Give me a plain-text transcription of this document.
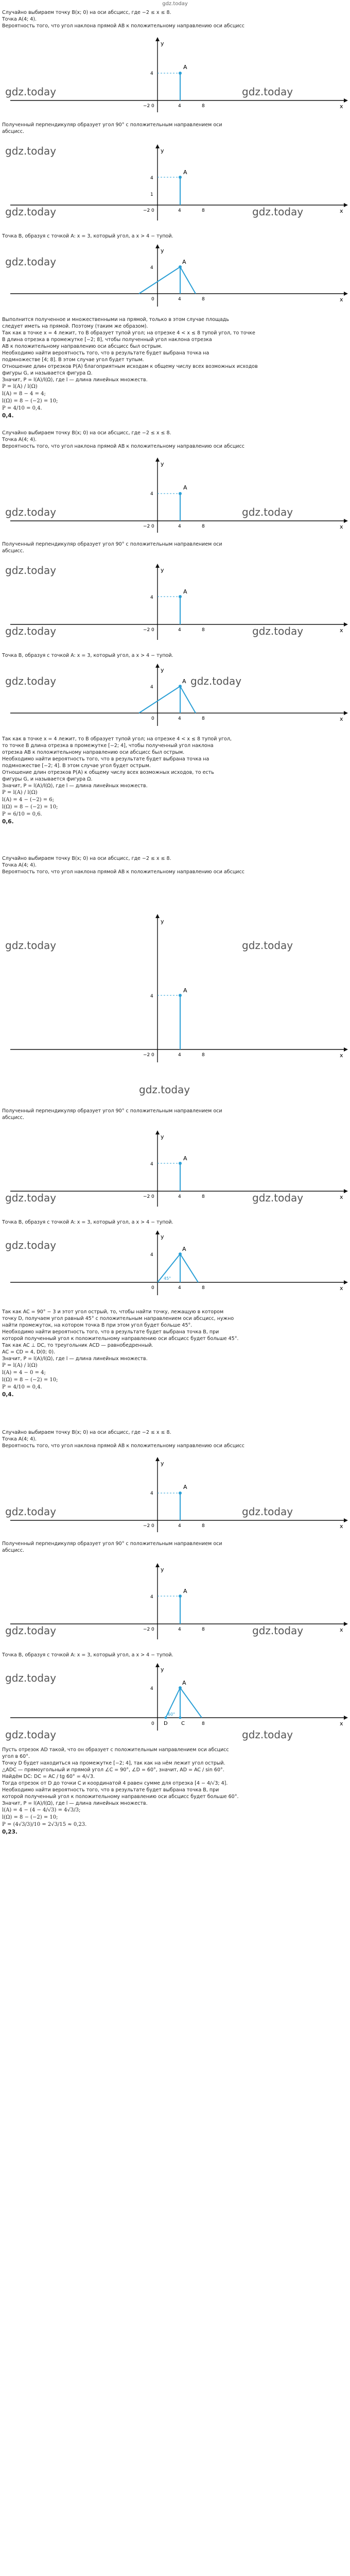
gdz.today
Случайно выбираем точку B(x; 0) на оси абсцисс, где −2 ≤ x ≤ 8.
Точка A(4; 4).
Вероятность того, что угол наклона прямой AB к положительному направлению оси абсцисс
gdz.today	gdz.today
A
y
x
0
−2	4	8
4
Полученный перпендикуляр образует угол 90° с положительным направлением оси
абсцисс.
gdz.today
gdz.today	gdz.today
A
y
x
0
−2	4	8
4
1
Точка B, образуя с точкой A: x = 3, который угол, а x > 4 − тупой.
gdz.today	A
y
x
0	4	8
4
Выполнится полученное и множественными на прямой, только в этом случае площадь
следует иметь на прямой. Поэтому (таким же образом).
Так как в точке x = 4 лежит, то B образует тупой угол; на отрезке 4 < x ≤ 8 тупой угол, то точке
B длина отрезка в промежутке [−2; 8], чтобы полученный угол наклона отрезка
AB к положительному направлению оси абсцисс был острым.
Необходимо найти вероятность того, что в результате будет выбрана точка на
подмножестве [4; 8]. В этом случае угол будет тупым.
Отношение длин отрезков P(A) благоприятным исходам к общему числу всех возможных исходов
фигуры G, и называется фигура Ω.
Значит, P = l(A)/l(Ω), где l — длина линейных множеств.
P = l(A) / l(Ω)
l(A) = 8 − 4 = 4;
l(Ω) = 8 − (−2) = 10;
P = 4/10 = 0,4.
0,4.
Случайно выбираем точку B(x; 0) на оси абсцисс, где −2 ≤ x ≤ 8.
Точка A(4; 4).
Вероятность того, что угол наклона прямой AB к положительному направлению оси абсцисс
gdz.today	gdz.today
A
y
x
0
−2	4	8
4
Полученный перпендикуляр образует угол 90° с положительным направлением оси
абсцисс.
gdz.today
gdz.today	gdz.today
A
y
x
0
−2	4	8
4
Точка B, образуя с точкой A: x = 3, который угол, а x > 4 − тупой.
gdz.today	gdz.today
A
y
x
0	4	8
4
Так как в точке x = 4 лежит, то B образует тупой угол; на отрезке 4 < x ≤ 8 тупой угол,
то точке B длина отрезка в промежутке [−2; 4], чтобы полученный угол наклона
отрезка AB к положительному направлению оси абсцисс был острым.
Необходимо найти вероятность того, что в результате будет выбрана точка на
подмножестве [−2; 4]. В этом случае угол будет острым.
Отношение длин отрезков P(A) к общему числу всех возможных исходов, то есть
фигуры G, и называется фигура Ω.
Значит, P = l(A)/l(Ω), где l — длина линейных множеств.
P = l(A) / l(Ω)
l(A) = 4 − (−2) = 6;
l(Ω) = 8 − (−2) = 10;
P = 6/10 = 0,6.
0,6.
Случайно выбираем точку B(x; 0) на оси абсцисс, где −2 ≤ x ≤ 8.
Точка A(4; 4).
Вероятность того, что угол наклона прямой AB к положительному направлению оси абсцисс
gdz.today	gdz.today
gdz.today
A
y
x
0
−2	4	8
4
Полученный перпендикуляр образует угол 90° с положительным направлением оси
абсцисс.
gdz.today	gdz.today
A
y
x
0
−2	4	8
4
Точка B, образуя с точкой A: x = 3, который угол, а x > 4 − тупой.
gdz.today	A
45°
y
x
0	4	8
4
Так как AC = 90° − 3 и этот угол острый, то, чтобы найти точку, лежащую в котором
точку D, получаем угол равный 45° с положительным направлением оси абсцисс, нужно
найти промежуток, на котором точка B при этом угол будет больше 45°.
Необходимо найти вероятность того, что в результате будет выбрана точка B, при
которой полученный угол к положительному направлению оси абсцисс будет больше 45°.
Так как AC ⊥ DC, то треугольник ACD — равнобедренный.
AC = CD = 4, D(0; 0).
Значит, P = l(A)/l(Ω), где l — длина линейных множеств.
P = l(A) / l(Ω)
l(A) = 4 − 0 = 4;
l(Ω) = 8 − (−2) = 10;
P = 4/10 = 0,4.
0,4.
Случайно выбираем точку B(x; 0) на оси абсцисс, где −2 ≤ x ≤ 8.
Точка A(4; 4).
Вероятность того, что угол наклона прямой AB к положительному направлению оси абсцисс
gdz.today	gdz.today
A
y
x
0
−2	4	8
4
Полученный перпендикуляр образует угол 90° с положительным направлением оси
абсцисс.
gdz.today	gdz.today
A
y
x
0
−2	4	8
4
Точка B, образуя с точкой A: x = 3, который угол, а x > 4 − тупой.
gdz.today
gdz.today	gdz.today
A
D	C
60°
y
x
0	8
4
Пусть отрезок AD такой, что он образует с положительным направлением оси абсцисс
угол в 60°.
Точку D будет находиться на промежутке [−2; 4], так как на нём лежит угол острый.
△ADC — прямоугольный и прямой угол ∠C = 90°, ∠D = 60°, значит, AD = AC / sin 60°.
Найдём DC: DC = AC / tg 60° = 4/√3.
Тогда отрезок от D до точки C и координатой 4 равен сумме для отрезка [4 − 4/√3; 4].
Необходимо найти вероятность того, что в результате будет выбрана точка B, при
которой полученный угол к положительному направлению оси абсцисс будет больше 60°.
Значит, P = l(A)/l(Ω), где l — длина линейных множеств.
l(A) = 4 − (4 − 4/√3) = 4√3/3;
l(Ω) = 8 − (−2) = 10;
P = (4√3/3)/10 = 2√3/15 ≈ 0,23.
0,23.
